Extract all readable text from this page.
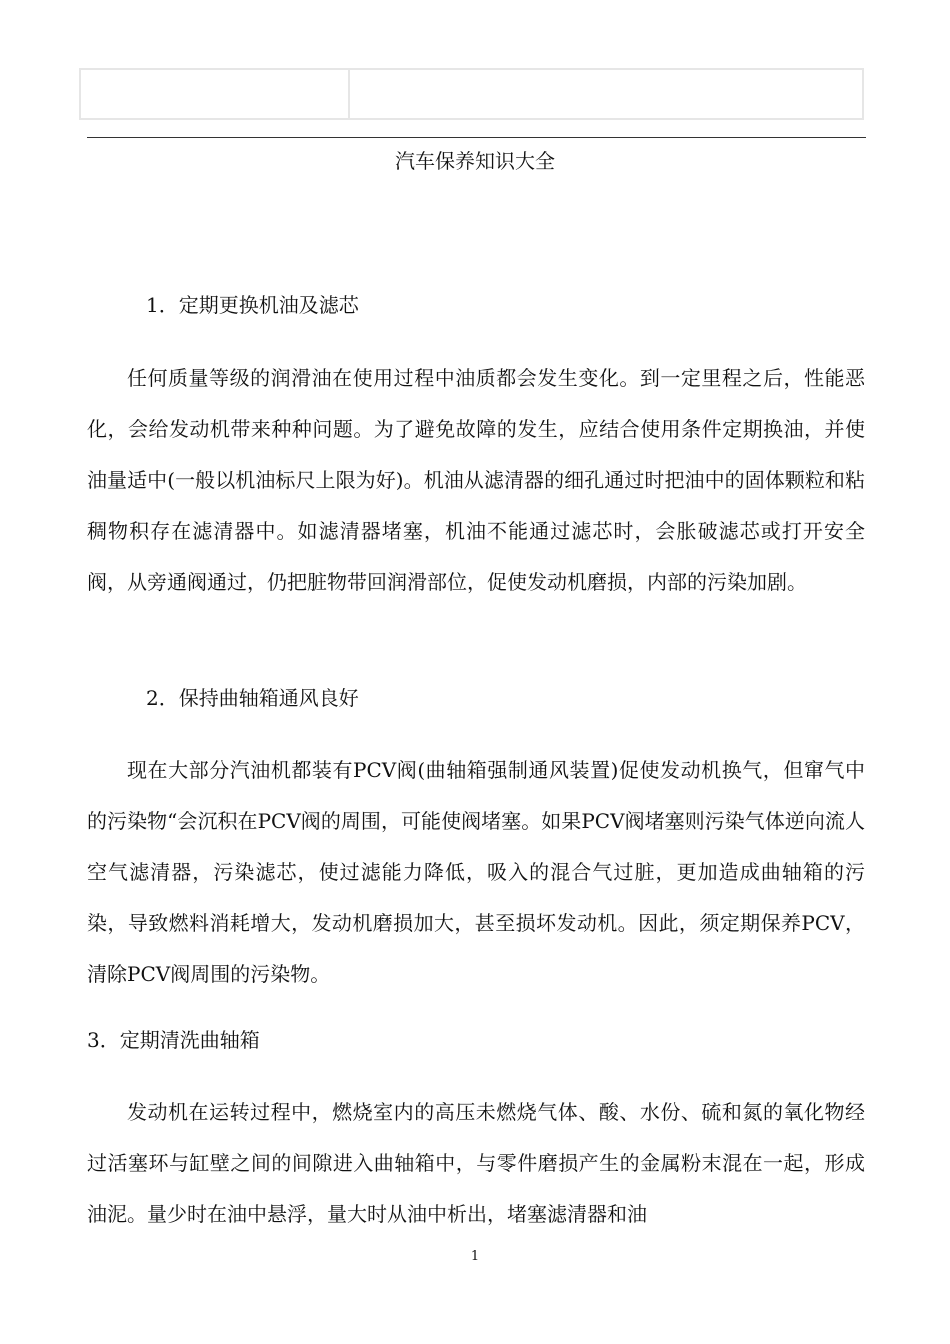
汽车保养知识大全
1．定期更换机油及滤芯

任何质量等级的润滑油在使用过程中油质都会发生变化。到一定里程之后，性能恶化，会给发动机带来种种问题。为了避免故障的发生，应结合使用条件定期换油，并使油量适中(一般以机油标尺上限为好)。机油从滤清器的细孔通过时把油中的固体颗粒和粘稠物积存在滤清器中。如滤清器堵塞，机油不能通过滤芯时，会胀破滤芯或打开安全阀，从旁通阀通过，仍把脏物带回润滑部位，促使发动机磨损，内部的污染加剧。

2．保持曲轴箱通风良好

现在大部分汽油机都装有PCV阀(曲轴箱强制通风装置)促使发动机换气，但窜气中的污染物“会沉积在PCV阀的周围，可能使阀堵塞。如果PCV阀堵塞则污染气体逆向流人空气滤清器，污染滤芯，使过滤能力降低，吸入的混合气过脏，更加造成曲轴箱的污染，导致燃料消耗增大，发动机磨损加大，甚至损坏发动机。因此，须定期保养PCV，清除PCV阀周围的污染物。

3．定期清洗曲轴箱

发动机在运转过程中，燃烧室内的高压未燃烧气体、酸、水份、硫和氮的氧化物经过活塞环与缸壁之间的间隙进入曲轴箱中，与零件磨损产生的金属粉末混在一起，形成油泥。量少时在油中悬浮，量大时从油中析出，堵塞滤清器和油

1
